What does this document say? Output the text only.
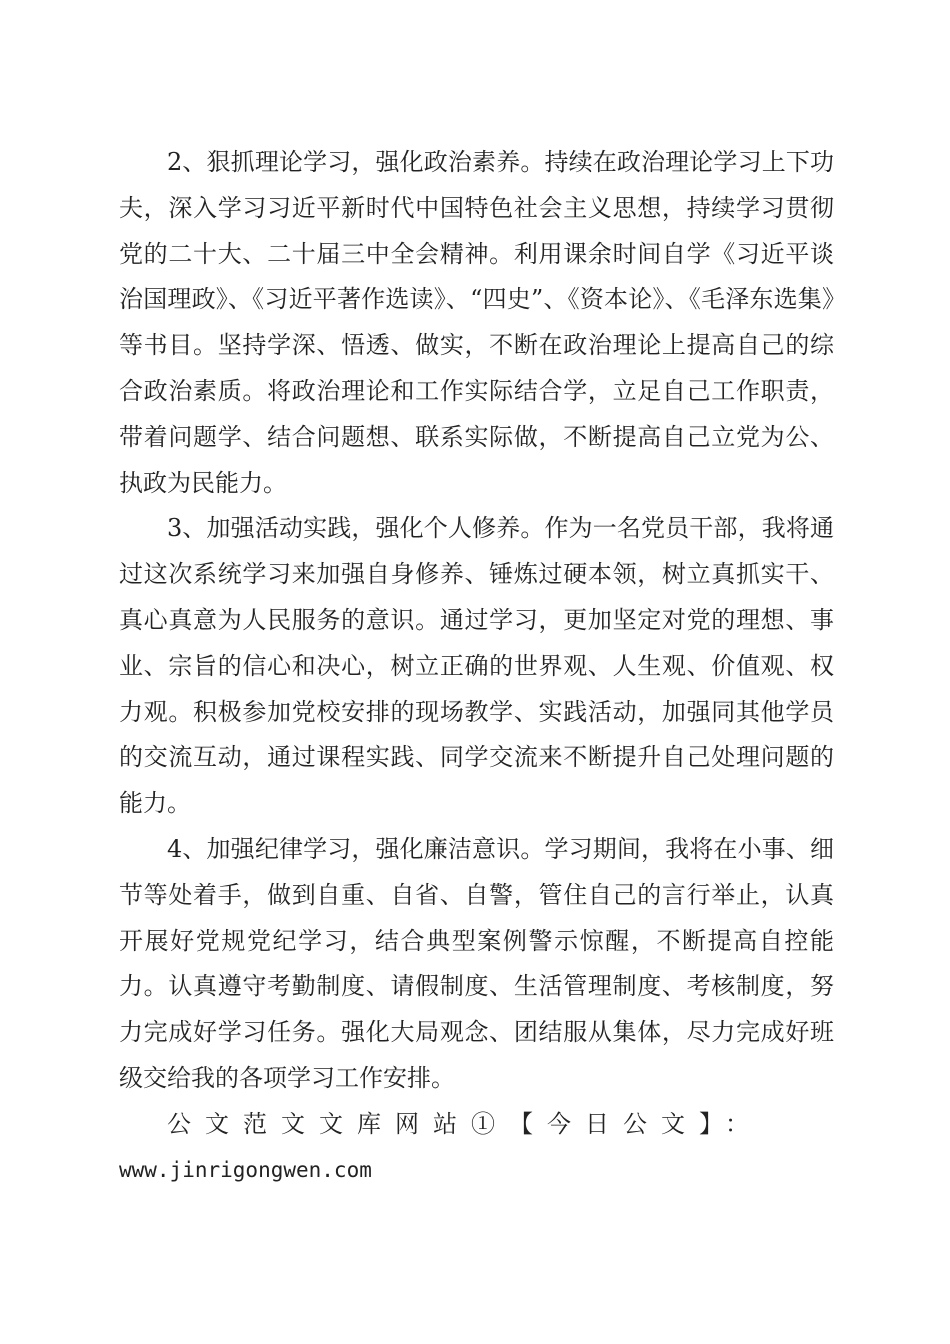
2、狠抓理论学习，强化政治素养。持续在政治理论学习上下功夫，深入学习习近平新时代中国特色社会主义思想，持续学习贯彻党的二十大、二十届三中全会精神。利用课余时间自学《习近平谈治国理政》、《习近平著作选读》、“四史”、《资本论》、《毛泽东选集》等书目。坚持学深、悟透、做实，不断在政治理论上提高自己的综合政治素质。将政治理论和工作实际结合学，立足自己工作职责，带着问题学、结合问题想、联系实际做，不断提高自己立党为公、执政为民能力。

3、加强活动实践，强化个人修养。作为一名党员干部，我将通过这次系统学习来加强自身修养、锤炼过硬本领，树立真抓实干、真心真意为人民服务的意识。通过学习，更加坚定对党的理想、事业、宗旨的信心和决心，树立正确的世界观、人生观、价值观、权力观。积极参加党校安排的现场教学、实践活动，加强同其他学员的交流互动，通过课程实践、同学交流来不断提升自己处理问题的能力。

4、加强纪律学习，强化廉洁意识。学习期间，我将在小事、细节等处着手，做到自重、自省、自警，管住自己的言行举止，认真开展好党规党纪学习，结合典型案例警示惊醒，不断提高自控能力。认真遵守考勤制度、请假制度、生活管理制度、考核制度，努力完成好学习任务。强化大局观念、团结服从集体，尽力完成好班级交给我的各项学习工作安排。

公文范文文库网站①【今日公文】：

www.jinrigongwen.com
